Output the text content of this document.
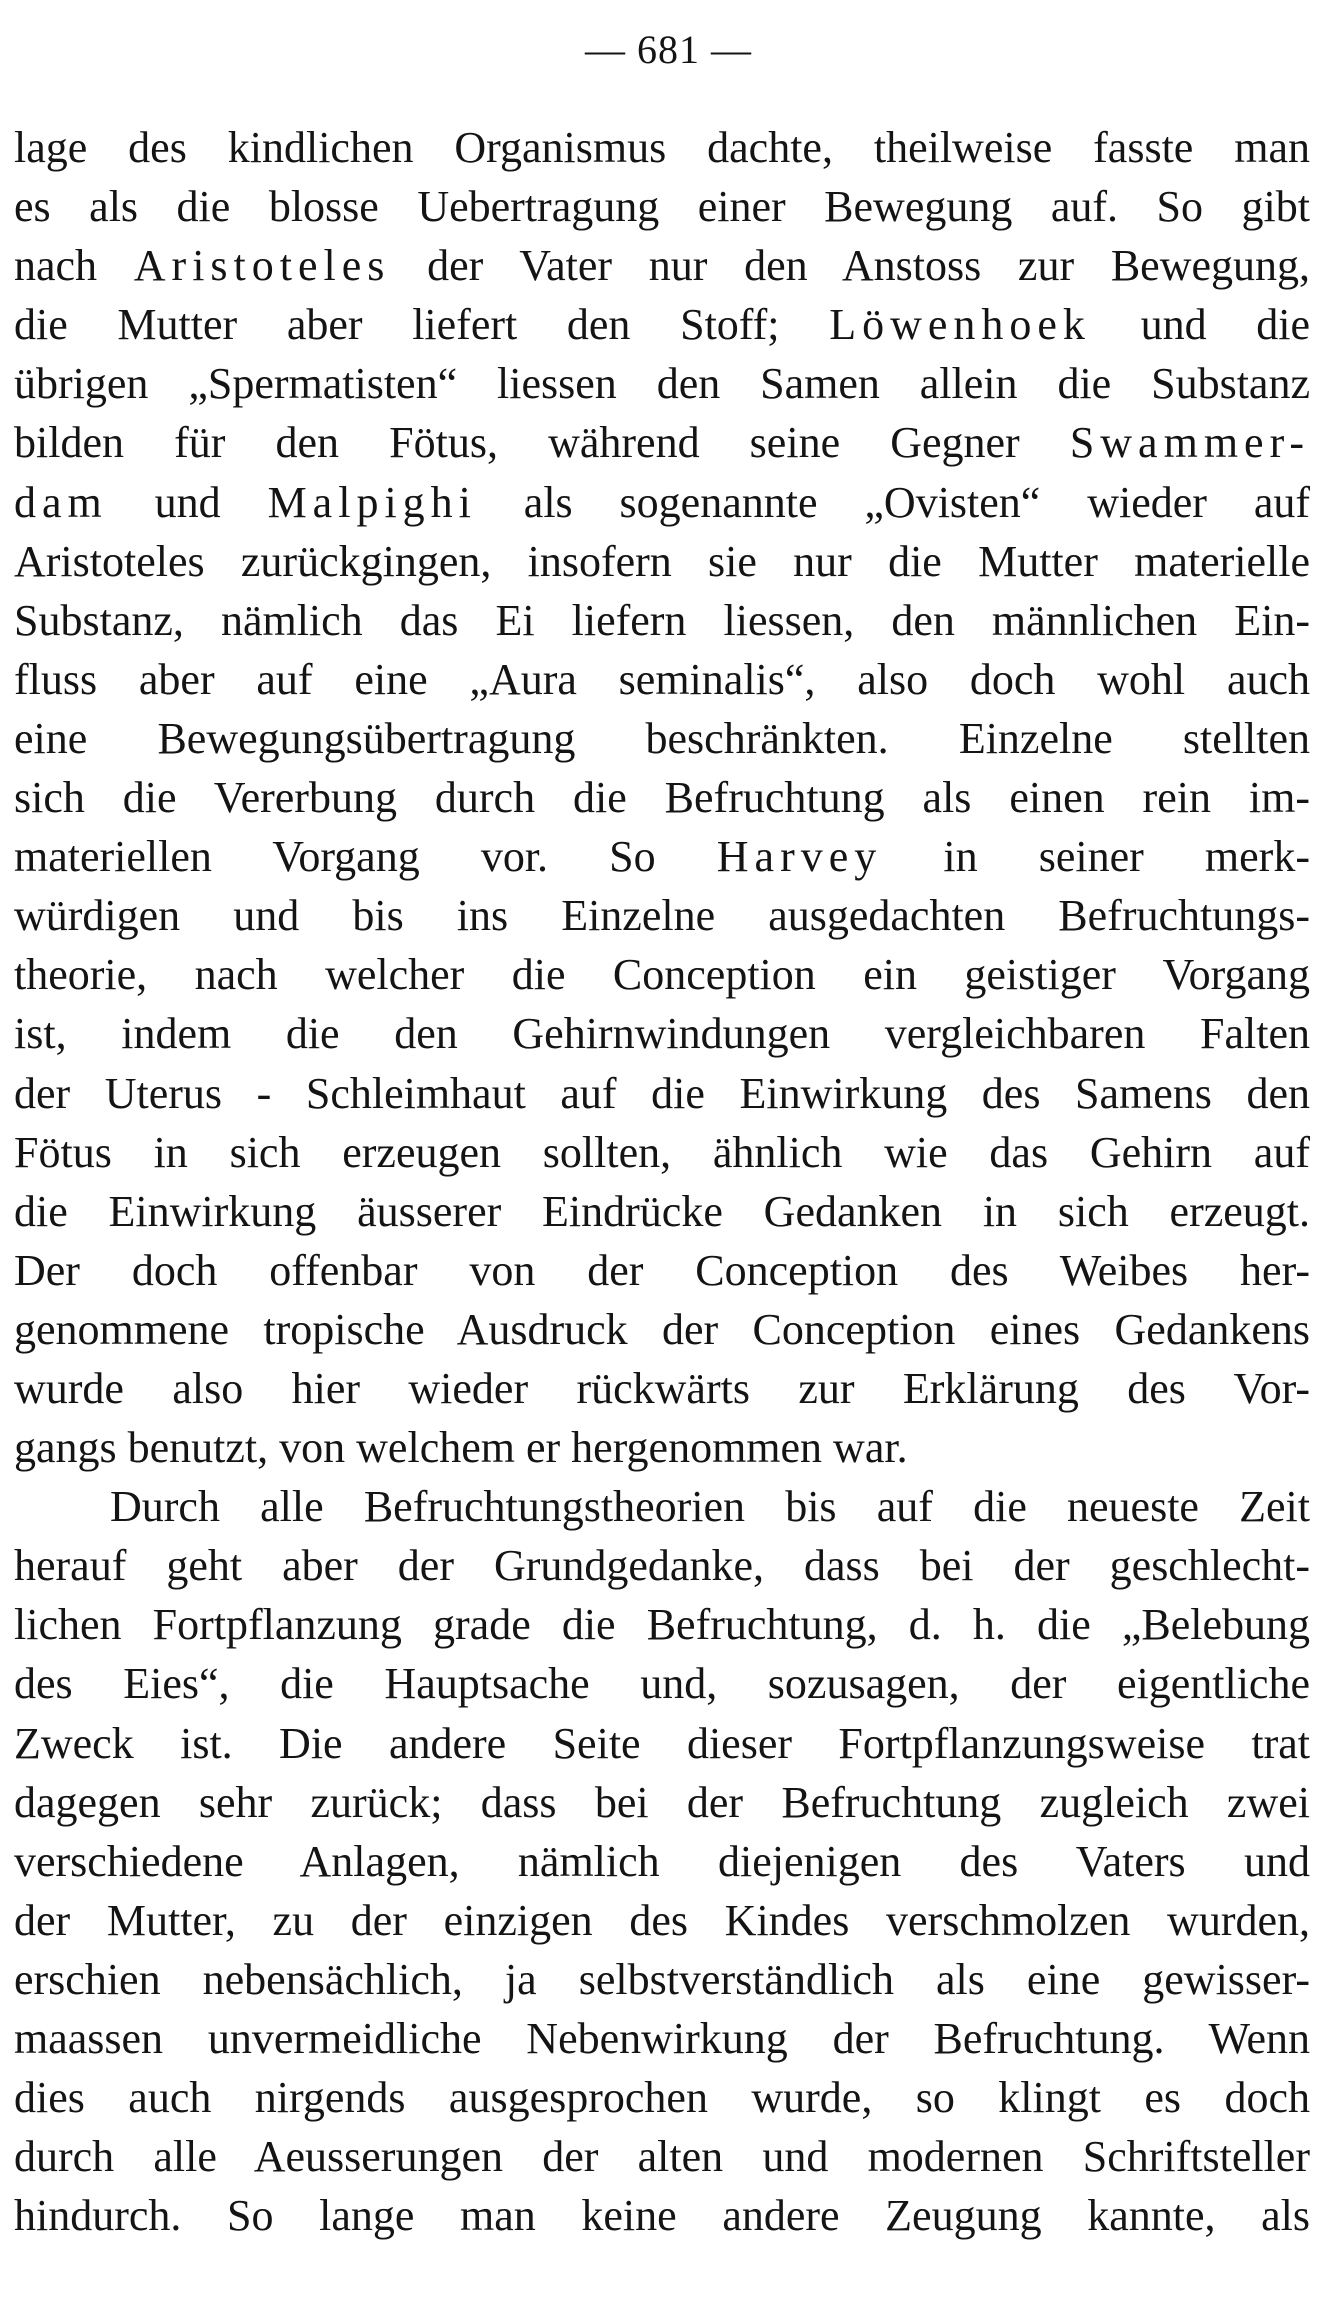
— 681 —
lage des kindlichen Organismus dachte, theilweise fasste man
es als die blosse Uebertragung einer Bewegung auf. So gibt
nach Aristoteles der Vater nur den Anstoss zur Bewegung,
die Mutter aber liefert den Stoff; Löwenhoek und die
übrigen „Spermatisten“ liessen den Samen allein die Substanz
bilden für den Fötus, während seine Gegner Swammer-
dam und Malpighi als sogenannte „Ovisten“ wieder auf
Aristoteles zurückgingen, insofern sie nur die Mutter materielle
Substanz, nämlich das Ei liefern liessen, den männlichen Ein-
fluss aber auf eine „Aura seminalis“, also doch wohl auch
eine Bewegungsübertragung beschränkten. Einzelne stellten
sich die Vererbung durch die Befruchtung als einen rein im-
materiellen Vorgang vor. So Harvey in seiner merk-
würdigen und bis ins Einzelne ausgedachten Befruchtungs-
theorie, nach welcher die Conception ein geistiger Vorgang
ist, indem die den Gehirnwindungen vergleichbaren Falten
der Uterus - Schleimhaut auf die Einwirkung des Samens den
Fötus in sich erzeugen sollten, ähnlich wie das Gehirn auf
die Einwirkung äusserer Eindrücke Gedanken in sich erzeugt.
Der doch offenbar von der Conception des Weibes her-
genommene tropische Ausdruck der Conception eines Gedankens
wurde also hier wieder rückwärts zur Erklärung des Vor-
gangs benutzt, von welchem er hergenommen war.
Durch alle Befruchtungstheorien bis auf die neueste Zeit
herauf geht aber der Grundgedanke, dass bei der geschlecht-
lichen Fortpflanzung grade die Befruchtung, d. h. die „Belebung
des Eies“, die Hauptsache und, sozusagen, der eigentliche
Zweck ist. Die andere Seite dieser Fortpflanzungsweise trat
dagegen sehr zurück; dass bei der Befruchtung zugleich zwei
verschiedene Anlagen, nämlich diejenigen des Vaters und
der Mutter, zu der einzigen des Kindes verschmolzen wurden,
erschien nebensächlich, ja selbstverständlich als eine gewisser-
maassen unvermeidliche Nebenwirkung der Befruchtung. Wenn
dies auch nirgends ausgesprochen wurde, so klingt es doch
durch alle Aeusserungen der alten und modernen Schriftsteller
hindurch. So lange man keine andere Zeugung kannte, als
